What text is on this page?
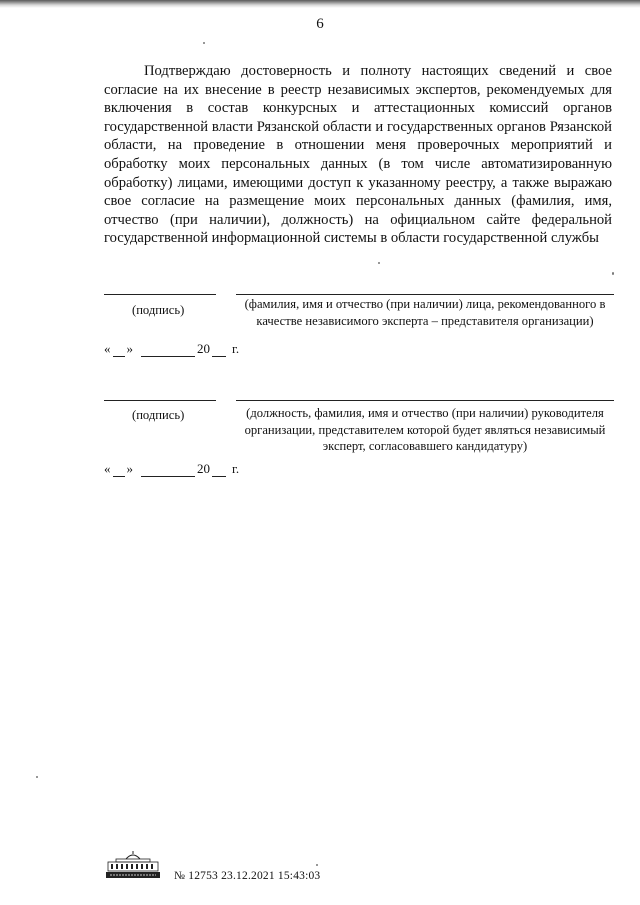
6

Подтверждаю достоверность и полноту настоящих сведений и свое согласие на их внесение в реестр независимых экспертов, рекомендуемых для включения в состав конкурсных и аттестационных комиссий органов государственной власти Рязанской области и государственных органов Рязанской области, на проведение в отношении меня проверочных мероприятий и обработку моих персональных данных (в том числе автоматизированную обработку) лицами, имеющими доступ к указанному реестру, а также выражаю свое согласие на размещение моих персональных данных (фамилия, имя, отчество (при наличии), должность) на официальном сайте федеральной государственной информационной системы в области государственной службы

(подпись)	(фамилия, имя и отчество (при наличии) лица, рекомендованного в качестве независимого эксперта – представителя организации)
« »	20 г.
(подпись)	(должность, фамилия, имя и отчество (при наличии) руководителя организации, представителем которой будет являться независимый эксперт, согласовавшего кандидатуру)
« »	20 г.
№ 12753 23.12.2021 15:43:03
